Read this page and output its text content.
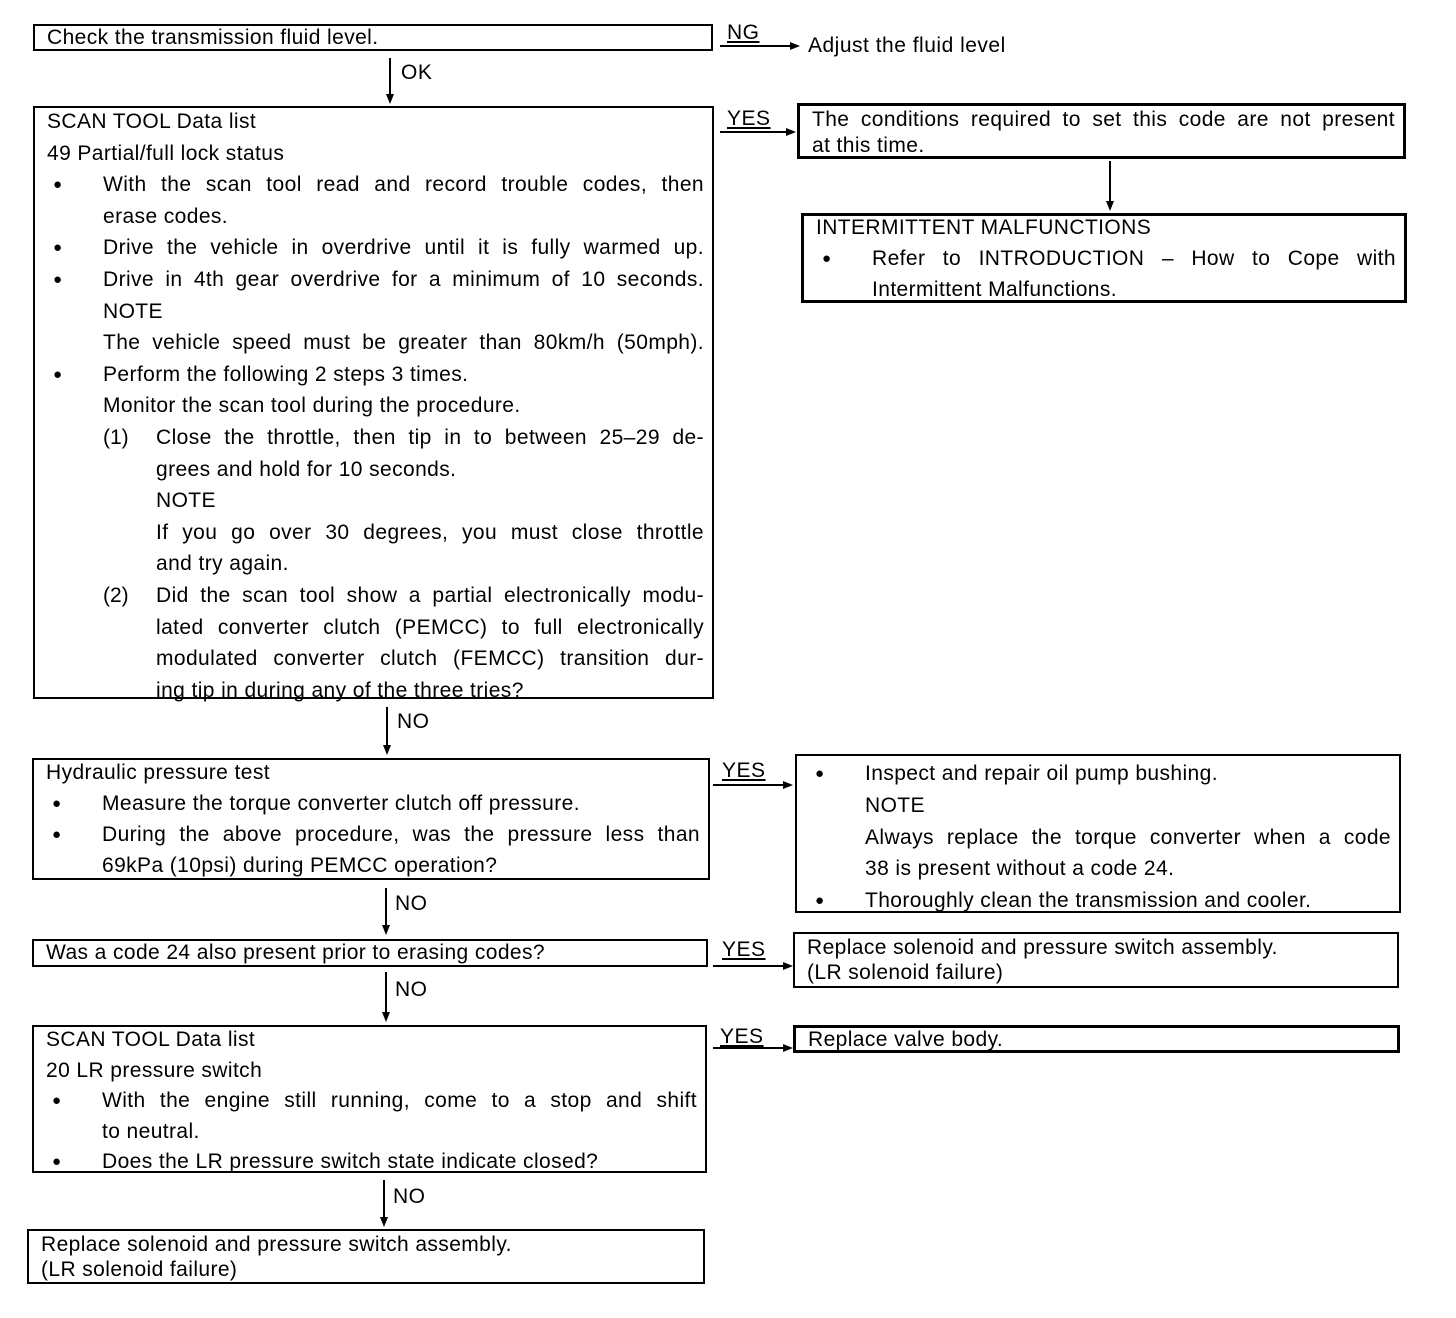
Check the transmission fluid level.	Adjust the fluid level
SCAN TOOL Data list
49 Partial/full lock status
● With the scan tool read and record trouble codes, then
erase codes.
● Drive the vehicle in overdrive until it is fully warmed up.
● Drive in 4th gear overdrive for a minimum of 10 seconds.
NOTE
The vehicle speed must be greater than 80km/h (50mph).
● Perform the following 2 steps 3 times.
Monitor the scan tool during the procedure.
(1) Close the throttle, then tip in to between 25–29 de-
grees and hold for 10 seconds.
NOTE
If you go over 30 degrees, you must close throttle
and try again.
(2) Did the scan tool show a partial electronically modu-
lated converter clutch (PEMCC) to full electronically
modulated converter clutch (FEMCC) transition dur-
ing tip in during any of the three tries?
The conditions required to set this code are not present
at this time.
INTERMITTENT MALFUNCTIONS
● Refer to INTRODUCTION – How to Cope with
Intermittent Malfunctions.
Hydraulic pressure test
● Measure the torque converter clutch off pressure.
● During the above procedure, was the pressure less than
69kPa (10psi) during PEMCC operation?
● Inspect and repair oil pump bushing.
NOTE
Always replace the torque converter when a code
38 is present without a code 24.
● Thoroughly clean the transmission and cooler.
Was a code 24 also present prior to erasing codes?	Replace solenoid and pressure switch assembly.
(LR solenoid failure)
SCAN TOOL Data list
20 LR pressure switch
● With the engine still running, come to a stop and shift
to neutral.
● Does the LR pressure switch state indicate closed?
Replace valve body.
Replace solenoid and pressure switch assembly.
(LR solenoid failure)
NG
OK
YES
NO
YES
NO
YES
NO
YES
NO
